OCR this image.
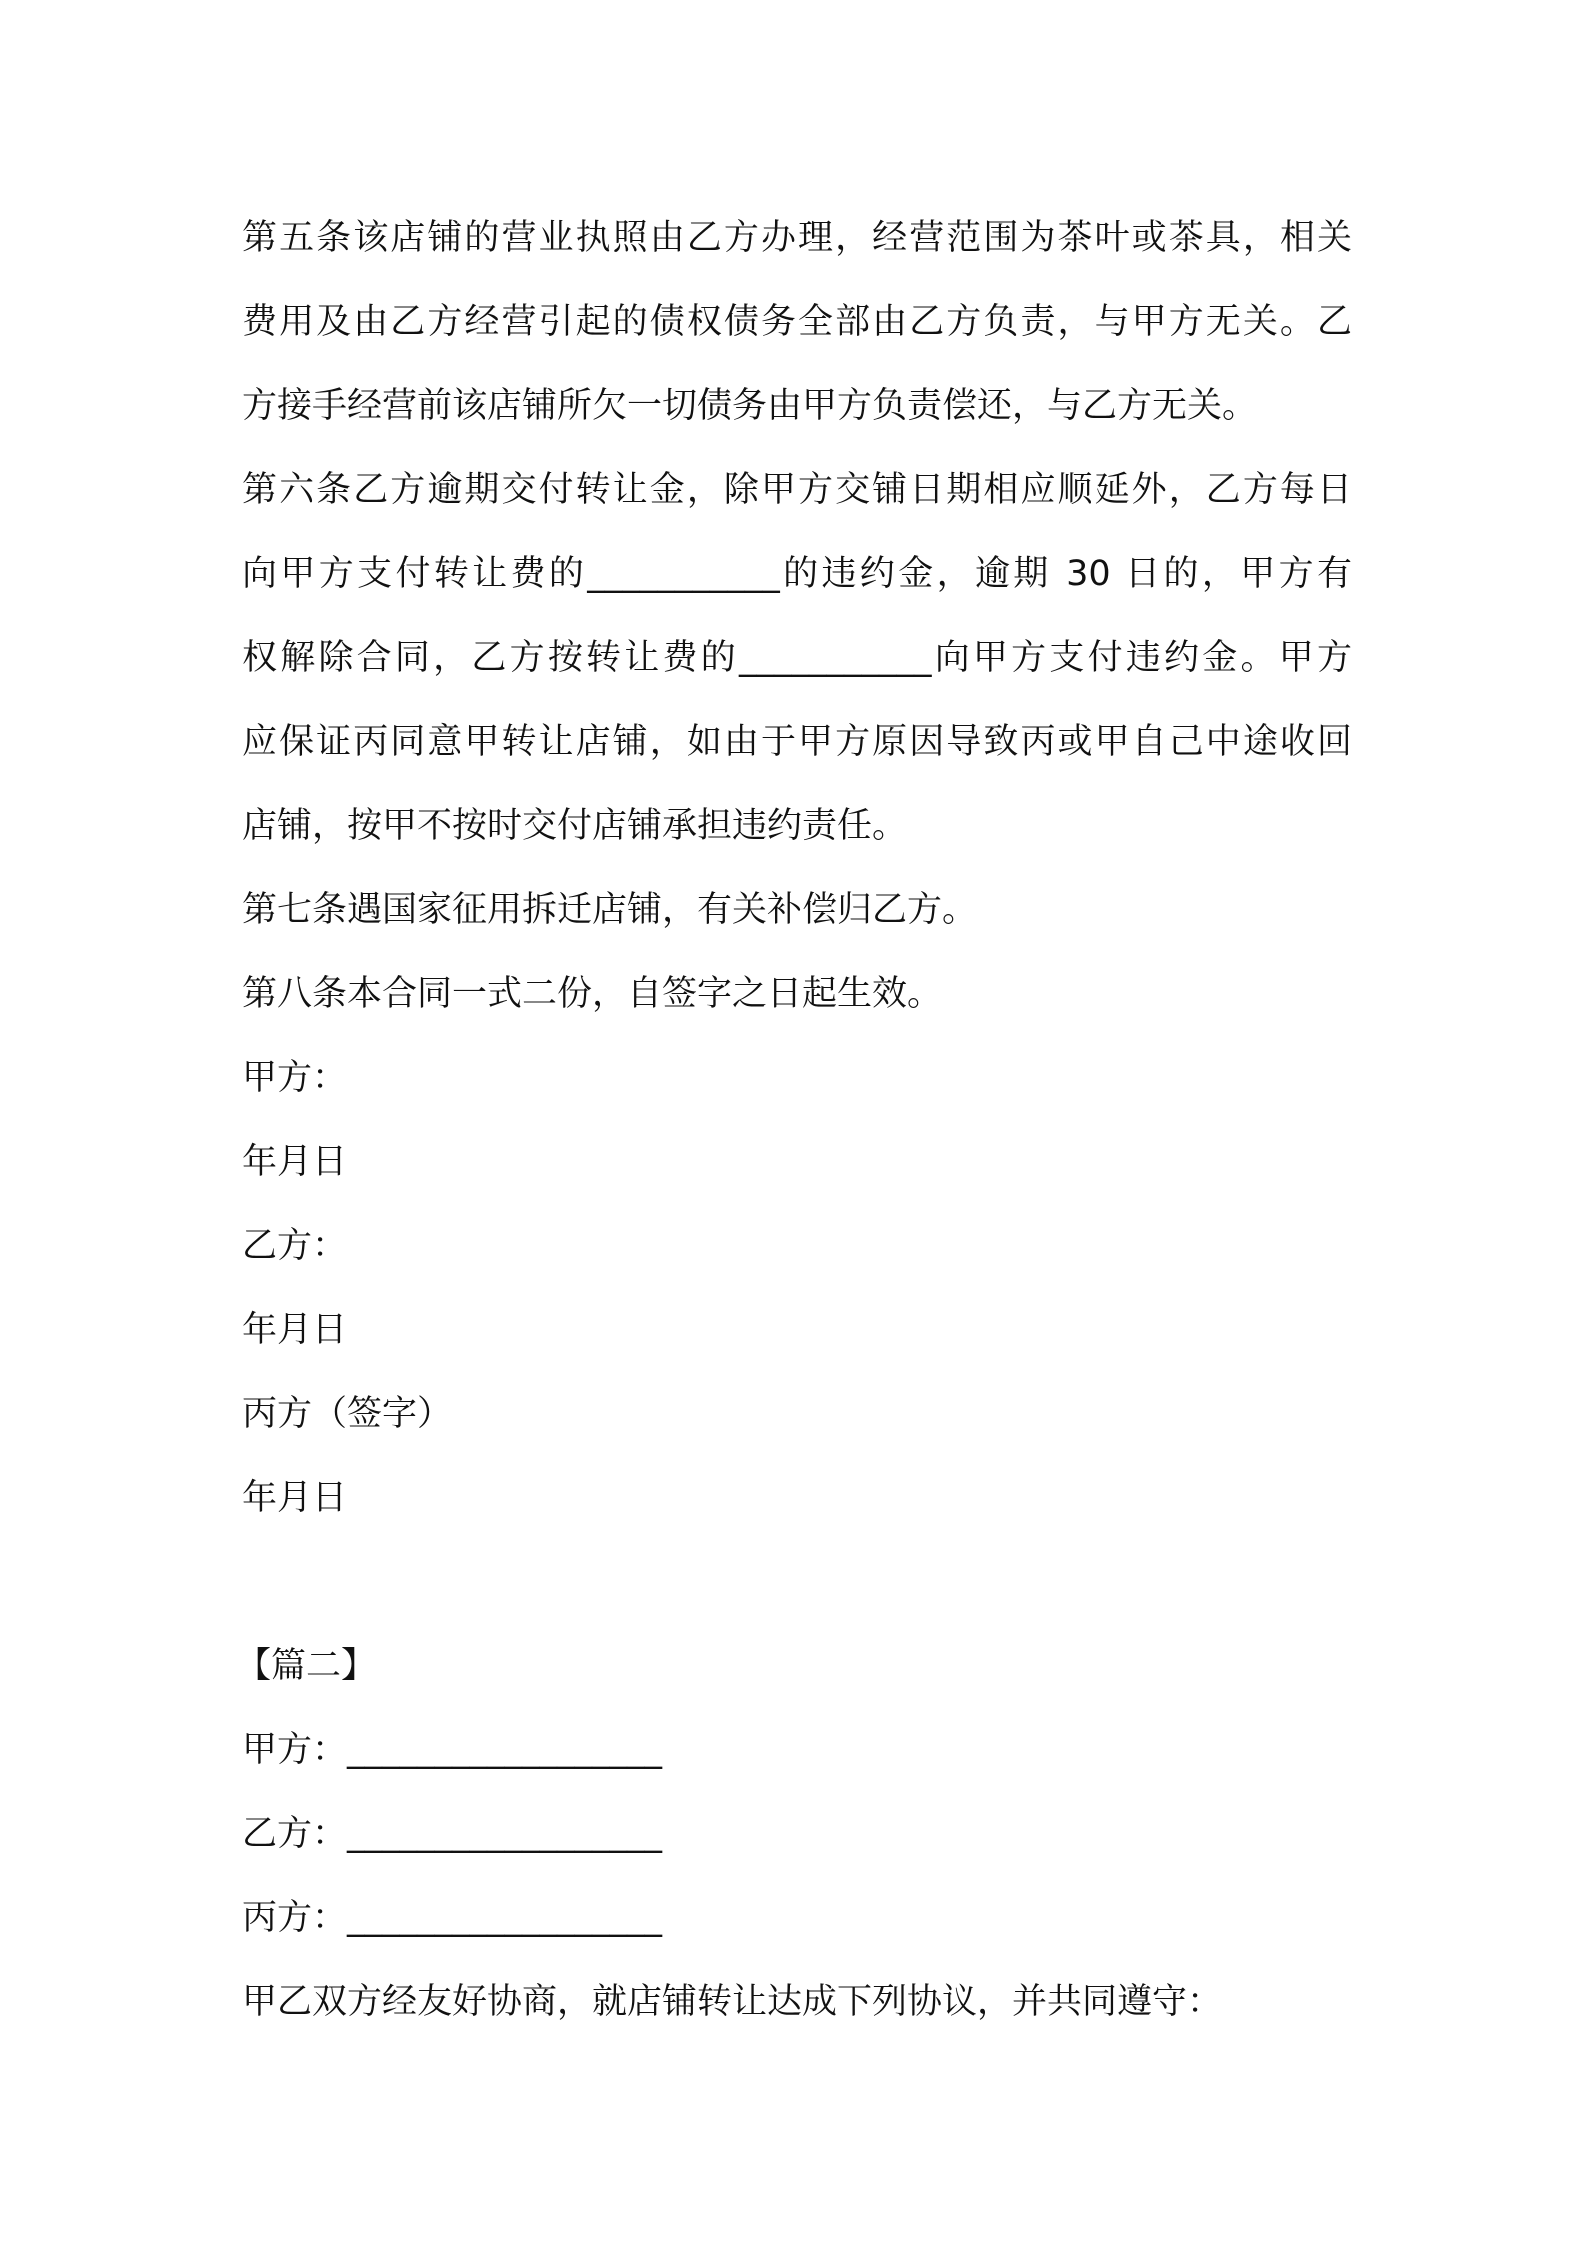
第五条该店铺的营业执照由乙方办理，经营范围为茶叶或茶具，相关
费用及由乙方经营引起的债权债务全部由乙方负责，与甲方无关。乙
方接手经营前该店铺所欠一切债务由甲方负责偿还，与乙方无关。
第六条乙方逾期交付转让金，除甲方交铺日期相应顺延外，乙方每日
向甲方支付转让费的___________的违约金，逾期 30 日的，甲方有
权解除合同，乙方按转让费的___________向甲方支付违约金。甲方
应保证丙同意甲转让店铺，如由于甲方原因导致丙或甲自己中途收回
店铺，按甲不按时交付店铺承担违约责任。
第七条遇国家征用拆迁店铺，有关补偿归乙方。
第八条本合同一式二份，自签字之日起生效。
甲方：
年月日
乙方：
年月日
丙方（签字）
年月日
【篇二】
甲方：__________________
乙方：__________________
丙方：__________________
甲乙双方经友好协商，就店铺转让达成下列协议，并共同遵守：
